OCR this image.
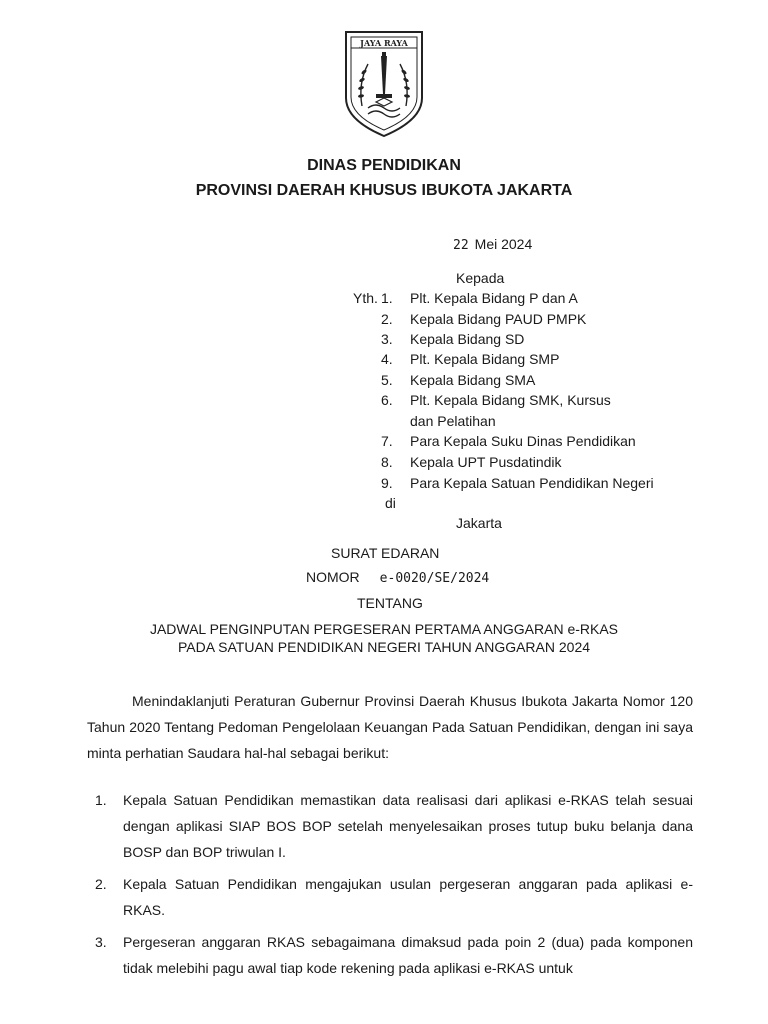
JAYA RAYA
DINAS PENDIDIKAN
PROVINSI DAERAH KHUSUS IBUKOTA JAKARTA
22 Mei 2024
Kepada
Yth. 1. Plt. Kepala Bidang P dan A
2. Kepala Bidang PAUD PMPK
3. Kepala Bidang SD
4. Plt. Kepala Bidang SMP
5. Kepala Bidang SMA
6. Plt. Kepala Bidang SMK, Kursus
dan Pelatihan
7. Para Kepala Suku Dinas Pendidikan
8. Kepala UPT Pusdatindik
9. Para Kepala Satuan Pendidikan Negeri
di
Jakarta
SURAT EDARAN
NOMOR e-0020/SE/2024
TENTANG
JADWAL PENGINPUTAN PERGESERAN PERTAMA ANGGARAN e-RKAS
PADA SATUAN PENDIDIKAN NEGERI TAHUN ANGGARAN 2024
Menindaklanjuti Peraturan Gubernur Provinsi Daerah Khusus Ibukota Jakarta Nomor 120 Tahun 2020 Tentang Pedoman Pengelolaan Keuangan Pada Satuan Pendidikan, dengan ini saya minta perhatian Saudara hal-hal sebagai berikut:
1. Kepala Satuan Pendidikan memastikan data realisasi dari aplikasi e-RKAS telah sesuai dengan aplikasi SIAP BOS BOP setelah menyelesaikan proses tutup buku belanja dana BOSP dan BOP triwulan I.
2. Kepala Satuan Pendidikan mengajukan usulan pergeseran anggaran pada aplikasi e-RKAS.
3. Pergeseran anggaran RKAS sebagaimana dimaksud pada poin 2 (dua) pada komponen tidak melebihi pagu awal tiap kode rekening pada aplikasi e-RKAS untuk
